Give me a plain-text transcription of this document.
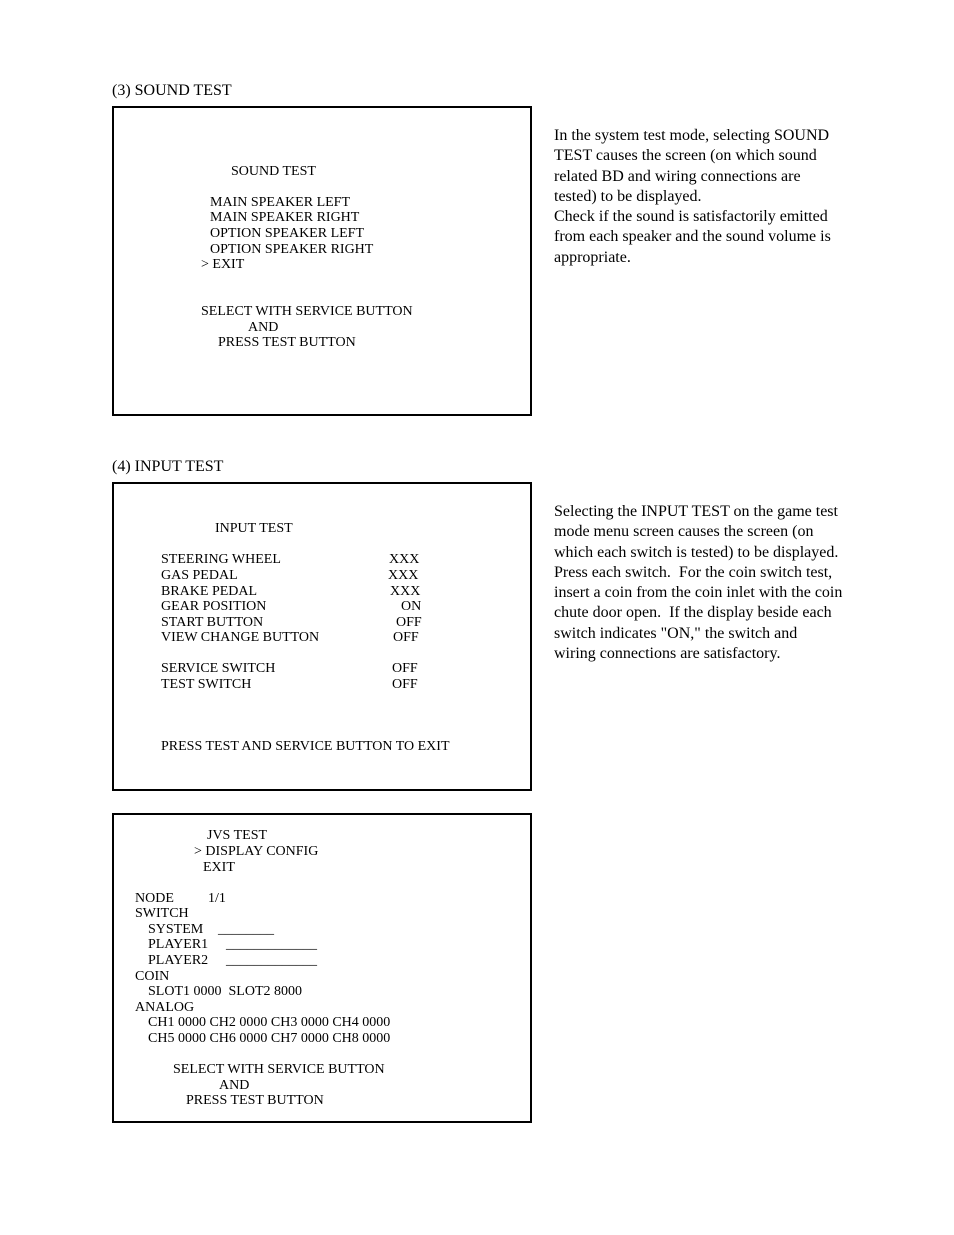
(3) SOUND TEST
SOUND TEST
MAIN SPEAKER LEFT
MAIN SPEAKER RIGHT
OPTION SPEAKER LEFT
OPTION SPEAKER RIGHT
> EXIT
SELECT WITH SERVICE BUTTON
AND
PRESS TEST BUTTON
In the system test mode, selecting SOUND
TEST causes the screen (on which sound
related BD and wiring connections are
tested) to be displayed.
Check if the sound is satisfactorily emitted
from each speaker and the sound volume is
appropriate.
(4) INPUT TEST
INPUT TEST
STEERING WHEEL	XXX
GAS PEDAL	XXX
BRAKE PEDAL	XXX
GEAR POSITION	ON
START BUTTON	OFF
VIEW CHANGE BUTTON	OFF
SERVICE SWITCH	OFF
TEST SWITCH	OFF
PRESS TEST AND SERVICE BUTTON TO EXIT
Selecting the INPUT TEST on the game test
mode menu screen causes the screen (on
which each switch is tested) to be displayed.
Press each switch.  For the coin switch test,
insert a coin from the coin inlet with the coin
chute door open.  If the display beside each
switch indicates "ON," the switch and
wiring connections are satisfactory.
JVS TEST
> DISPLAY CONFIG
EXIT
NODE 1/1
SWITCH
SYSTEM ________
PLAYER1 _____________
PLAYER2 _____________
COIN
SLOT1 0000  SLOT2 8000
ANALOG
CH1 0000 CH2 0000 CH3 0000 CH4 0000
CH5 0000 CH6 0000 CH7 0000 CH8 0000
SELECT WITH SERVICE BUTTON
AND
PRESS TEST BUTTON
